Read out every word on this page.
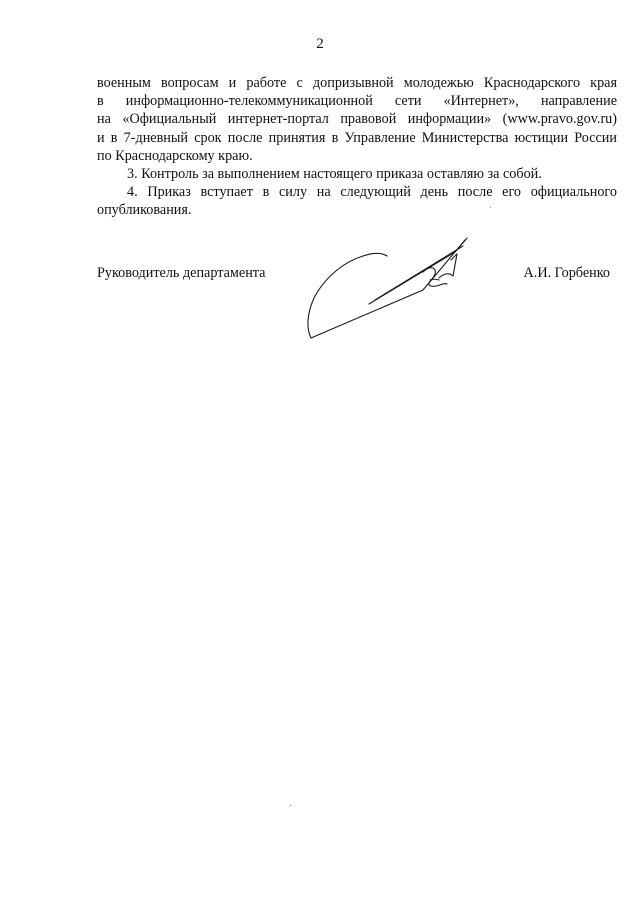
2

военным вопросам и работе с допризывной молодежью Краснодарского края
в информационно-телекоммуникационной сети «Интернет», направление
на «Официальный интернет-портал правовой информации» (www.pravo.gov.ru)
и в 7-дневный срок после принятия в Управление Министерства юстиции России
по Краснодарскому краю.

3. Контроль за выполнением настоящего приказа оставляю за собой.

4. Приказ вступает в силу на следующий день после его официального
опубликования.

Руководитель департамента	А.И. Горбенко
